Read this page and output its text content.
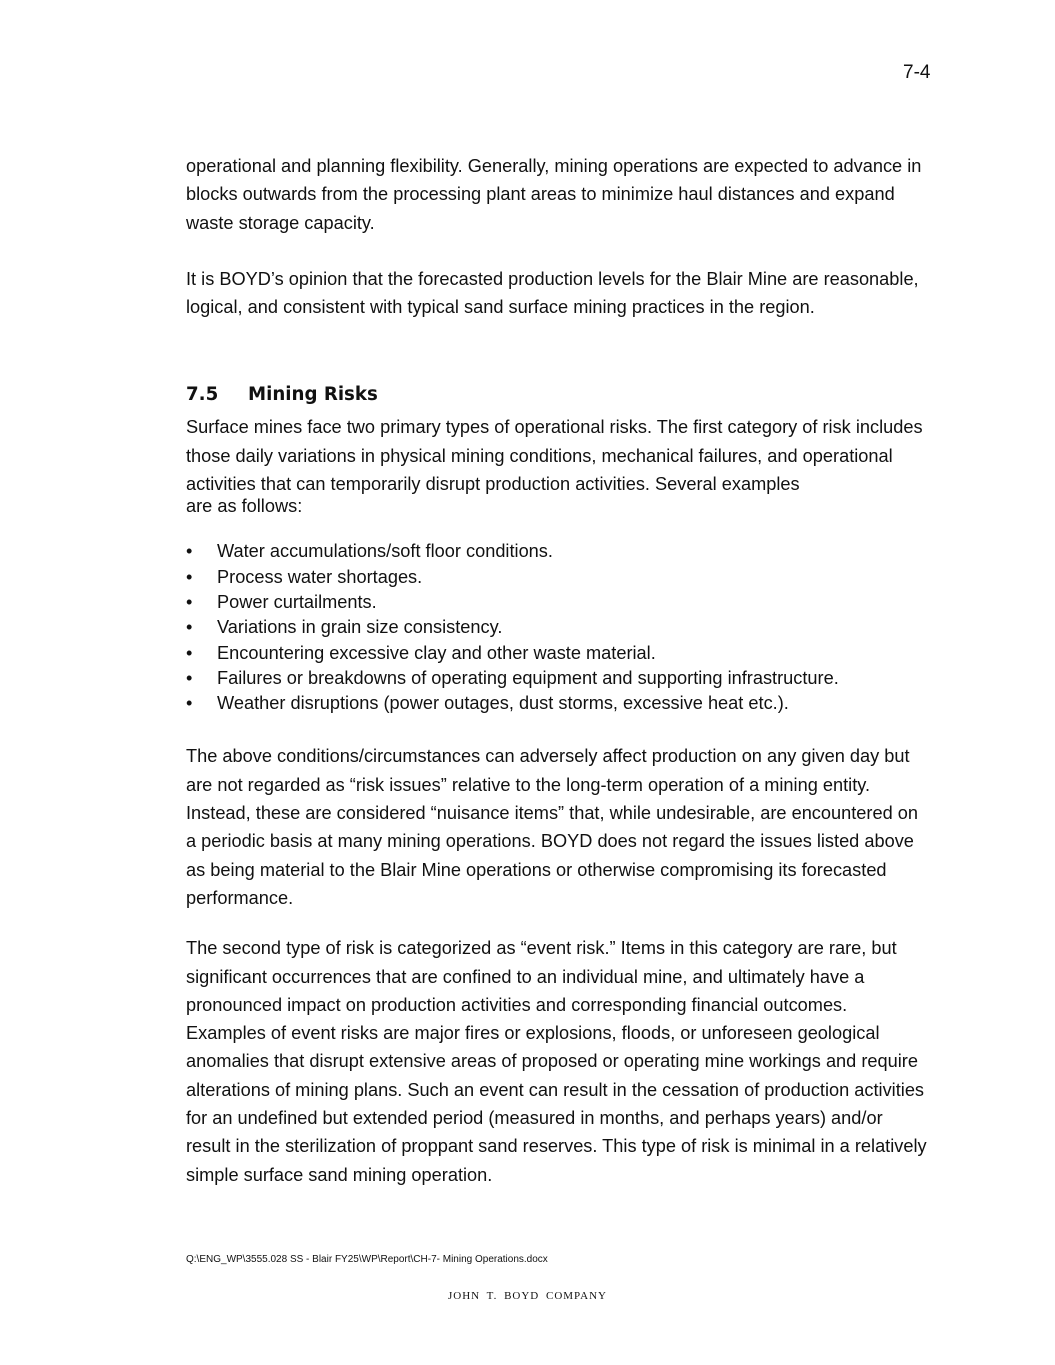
7-4

operational and planning flexibility. Generally, mining operations are expected to advance in blocks outwards from the processing plant areas to minimize haul distances and expand waste storage capacity.

It is BOYD’s opinion that the forecasted production levels for the Blair Mine are reasonable, logical, and consistent with typical sand surface mining practices in the region.

7.5	Mining Risks

Surface mines face two primary types of operational risks. The first category of risk includes those daily variations in physical mining conditions, mechanical failures, and operational activities that can temporarily disrupt production activities. Several examples
are as follows:

• Water accumulations/soft floor conditions.
• Process water shortages.
• Power curtailments.
• Variations in grain size consistency.
• Encountering excessive clay and other waste material.
• Failures or breakdowns of operating equipment and supporting infrastructure.
• Weather disruptions (power outages, dust storms, excessive heat etc.).

The above conditions/circumstances can adversely affect production on any given day but are not regarded as “risk issues” relative to the long-term operation of a mining entity. Instead, these are considered “nuisance items” that, while undesirable, are encountered on a periodic basis at many mining operations. BOYD does not regard the issues listed above as being material to the Blair Mine operations or otherwise compromising its forecasted performance.

The second type of risk is categorized as “event risk.” Items in this category are rare, but significant occurrences that are confined to an individual mine, and ultimately have a pronounced impact on production activities and corresponding financial outcomes. Examples of event risks are major fires or explosions, floods, or unforeseen geological anomalies that disrupt extensive areas of proposed or operating mine workings and require alterations of mining plans. Such an event can result in the cessation of production activities for an undefined but extended period (measured in months, and perhaps years) and/or result in the sterilization of proppant sand reserves. This type of risk is minimal in a relatively simple surface sand mining operation.

Q:\ENG_WP\3555.028 SS - Blair FY25\WP\Report\CH-7- Mining Operations.docx
JOHN T. BOYD COMPANY
